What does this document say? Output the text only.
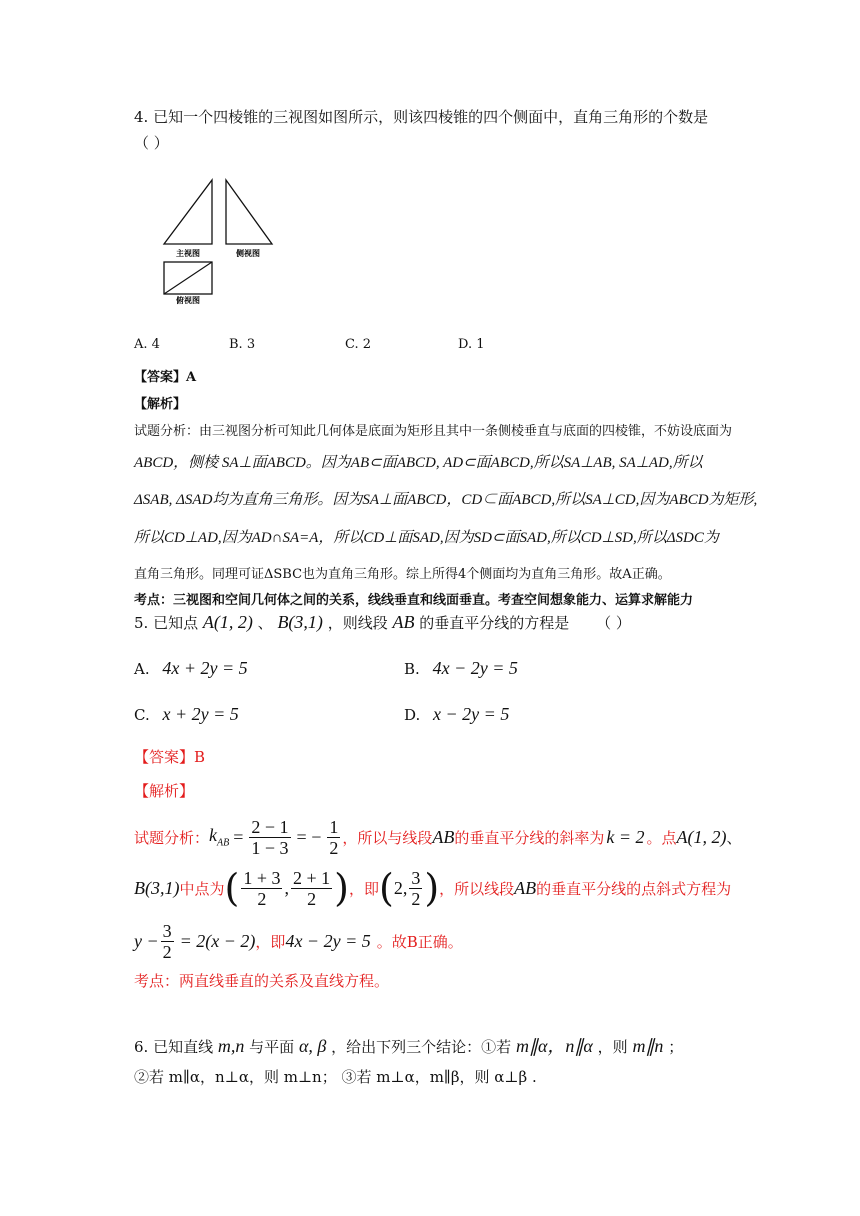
4. 已知一个四棱锥的三视图如图所示，则该四棱锥的四个侧面中，直角三角形的个数是
（ ）
主视图	侧视图
俯视图
A. 4	B. 3	C. 2	D. 1
【答案】A
【解析】
试题分析：由三视图分析可知此几何体是底面为矩形且其中一条侧棱垂直与底面的四棱锥，不妨设底面为
ABCD，侧棱 SA⊥面ABCD。因为AB⊂面ABCD, AD⊂面ABCD,所以SA⊥AB, SA⊥AD,所以
ΔSAB, ΔSAD均为直角三角形。因为SA⊥面ABCD，CD⊂面ABCD,所以SA⊥CD,因为ABCD为矩形,
所以CD⊥AD,因为AD∩SA=A，所以CD⊥面SAD,因为SD⊂面SAD,所以CD⊥SD,所以ΔSDC为
直角三角形。同理可证ΔSBC也为直角三角形。综上所得4个侧面均为直角三角形。故A正确。
考点：三视图和空间几何体之间的关系，线线垂直和线面垂直。考查空间想象能力、运算求解能力
5. 已知点 A(1, 2) 、 B(3,1) ，则线段 AB 的垂直平分线的方程是 （ ）
A. 4x + 2y = 5	B. 4x − 2y = 5
C. x + 2y = 5	D. x − 2y = 5
【答案】B
【解析】
试题分析： $k_{AB} = \frac{2 - 1}{1 - 3}$ = − $\frac{1}{2}$ ，所以与线段 AB 的垂直平分线的斜率为 k = 2 。点 A(1, 2) 、
B(3,1) 中点为 ( $\frac{1 + 3}{2}$ , $\frac{2 + 1}{2}$ ) ，即 ( 2, $\frac{3}{2}$ ) ，所以线段 AB 的垂直平分线的点斜式方程为
$y - \frac{3}{2} = 2(x - 2)$ ，即 4x − 2y = 5 。故B正确。
考点：两直线垂直的关系及直线方程。
6. 已知直线 m,n 与平面 α, β ，给出下列三个结论：①若 m∥α，n∥α ，则 m∥n ；
②若 m∥α，n⊥α，则 m⊥n； ③若 m⊥α，m∥β，则 α⊥β .
